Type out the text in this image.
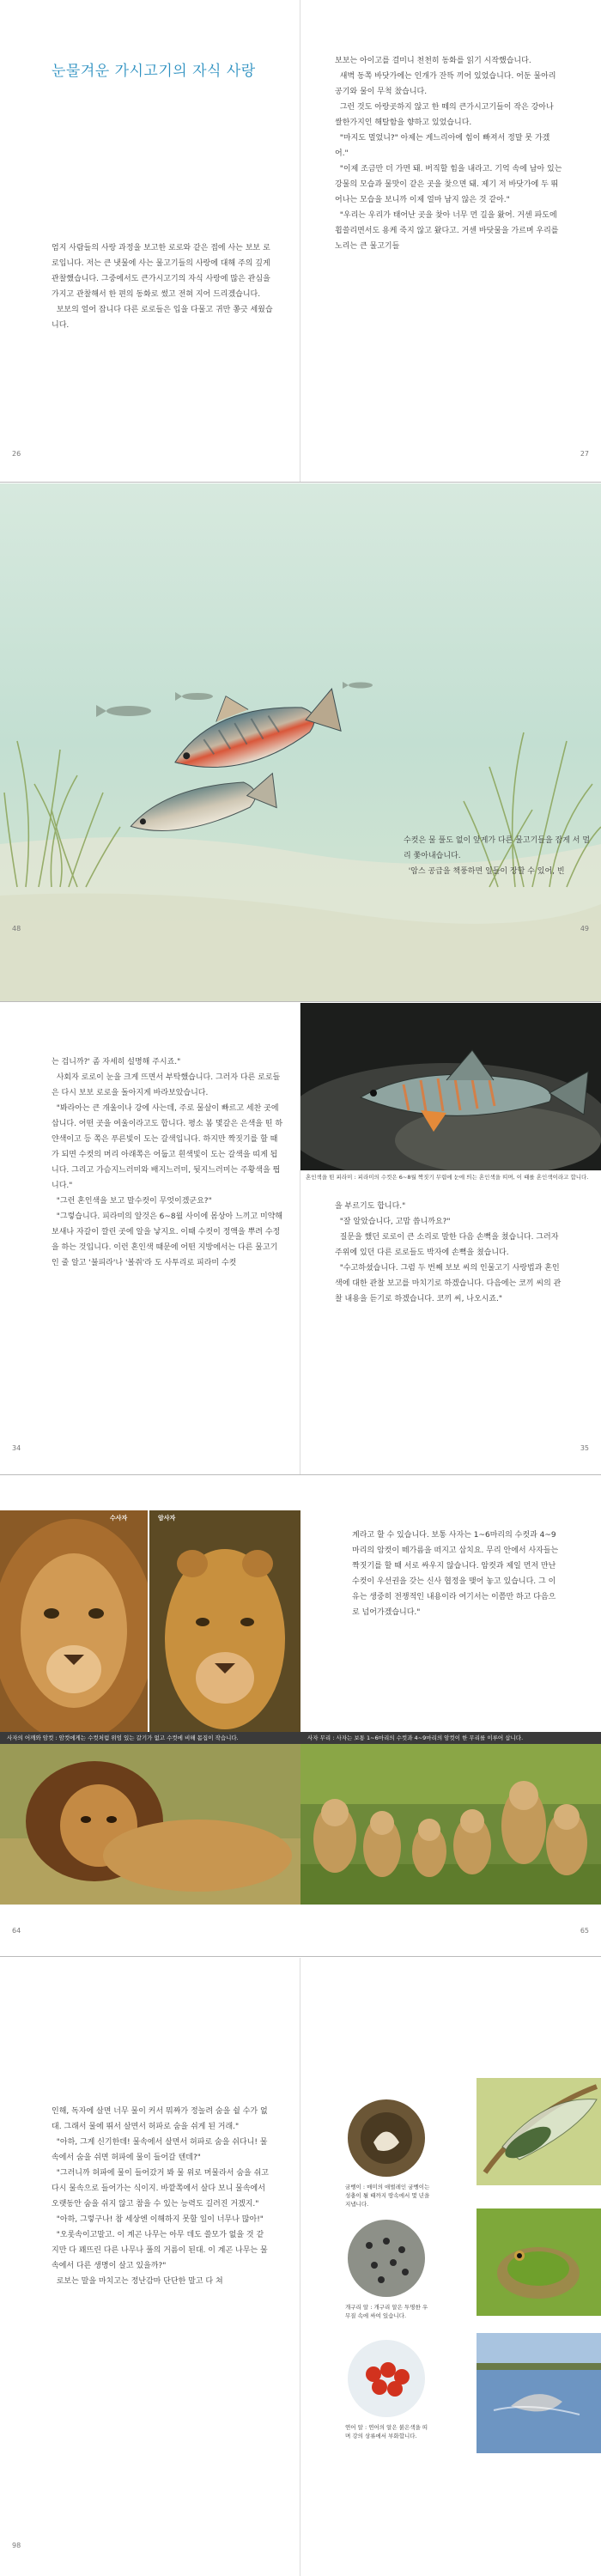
눈물겨운 가시고기의 자식 사랑
엄지 사람들의 사랑 과정을 보고한 로로와 같은 접에 사는 보보 로로입니다. 저는 큰 냇물에 사는 물고기들의 사랑에 대해 주의 깊게 관찰했습니다. 그중에서도 큰가시고기의 자식 사랑에 많은 관심을 가지고 관찰해서 한 편의 동화로 썼고 전혀 지어 드리겠습니다.
보보의 얼어 잡니다 다른 로로들은 입을 다물고 귀만 쫑긋 세웠습니다.
26
보보는 아이고를 걸미니 천천히 동화를 읽기 시작했습니다.
새벽 동쪽 바닷가에는 인개가 잔뜩 끼어 있었습니다. 어둔 물아리 공기와 물이 무척 찼습니다.
그런 것도 아랑곳하지 않고 한 떼의 큰가시고기들이 작은 강아나 쌀한가지인 해탈함을 향하고 있었습니다.
"마지도 멀었니?" 아제는 게느리아에 힘이 빠져서 정말 못 가겠어."
"이제 조금만 더 가면 돼. 버직할 힘을 내라고. 기억 속에 남아 있는 강물의 모습과 물맛이 같은 곳을 찾으면 돼. 제기 저 바닷가에 두 뛰어나는 모습을 보니까 이제 얼마 남지 않은 것 같아."
"우리는 우리가 태어난 곳을 찾아 너무 먼 길을 왔어. 거센 파도에 휩쓸리면서도 용케 죽지 않고 왔다고. 거센 바닷물을 가르며 우리를 노리는 큰 물고기들
27
수컷은 물 풀도 없이 앞게가 다른 물고기들을 잡게 서 멀리 쫓아내습니다.
'암스 공급을 책풍하면 일들이 장할 수 있어, 빈
48	49
는 겁니까?' 좀 자세히 설명해 주시죠."
사회자 로로이 눈을 크게 뜨면서 부탁했습니다. 그러자 다른 로로들은 다시 보보 로로을 돌아지게 바라보았습니다.
"봐라아는 큰 개울이나 강에 사는데, 주로 물살이 빠르고 세찬 곳에 삽니다. 어떤 곳을 여울이라고도 합니다. 평소 봄 몇갈은 은색을 띤 하얀색이고 등 쪽은 푸른빛이 도는 갈색입니다. 하지만 짝짓기를 할 때가 되면 수컷의 머리 아래쪽은 어둡고 흰색빛이 도는 갈색을 띠게 됩니다. 그리고 가슴지느러미와 배지느러미, 뒷지느러미는 주황색을 띕니다."
"그런 혼인색을 보고 말수컷이 무엇이겠군요?"
"그렇습니다. 피라미의 알것은 6~8월 사이에 몸상아 느끼고 미약해 보새나 자갈이 깔린 곳에 알을 낳지요. 이때 수컷이 정액을 뿌려 수정을 하는 것입니다. 이런 혼인색 때문에 어떤 지방에서는 다른 물고기인 줄 알고 '불피라'나 '볼쥐'라 도 사투리로 피라미 수컷
34
혼인색을 띤 피라미 : 피라미의 수컷은 6~8월 짝짓기 무렵에 눈에 띄는 혼인색을 띠며, 이 때를 혼인색이라고 합니다.
을 부르기도 합니다."
"잘 알았습니다, 고맙 씁니까요?"
질문을 했던 로로이 큰 소리로 말한 다음 손뼉을 쳤습니다. 그러자 주위에 있던 다른 로로들도 박자에 손뼉을 쳤습니다.
"수고하셨습니다. 그럼 두 번째 보보 씨의 인물고기 사랑법과 혼인색에 대한 관찰 보고를 마치기로 하겠습니다. 다음에는 코끼 씨의 관찰 내용을 듣기로 하겠습니다. 코끼 씨, 나오시죠."
35
수사자	암사자
사자의 어깨와 암컷 : 암컷에게는 수컷처럼 위엄 있는 갈기가 없고 수컷에 비해 몸집이 작습니다.
64
계라고 할 수 있습니다. 보통 사자는 1~6마리의 수컷과 4~9마리의 암컷이 떼가름을 떠지고 삽치요. 무리 안에서 사자들는 짝짓기를 할 때 서로 싸우지 않습니다. 암컷과 제일 먼저 만난 수컷이 우선권을 갖는 신사 협정을 맺어 놓고 있습니다. 그 이유는 생중히 전쟁적인 내용이라 여기서는 이쯤만 하고 다음으로 넘어가겠습니다."
사자 무리 : 사자는 보통 1~6마리의 수컷과 4~9마리의 암컷이 한 무리를 이루어 삽니다.
65
인해, 독자에 살면 너무 물이 커서 뭐짜가 정놀려 숨을 쉴 수가 없대. 그래서 물에 뛰서 살면서 허파로 숨을 쉬게 된 거래."
"아하, 그게 신기한데! 물속에서 살면서 허파로 숨을 쉬다니! 물속에서 숨을 쉬면 허파에 물이 들어갈 텐데?"
"그러니까 허파에 물이 들어갔거 봐 물 위로 머물라서 숨을 쉬고 다시 물속으로 들어가는 식이지. 바깥쪽에서 살다 보니 물속에서 오랫동안 숨을 쉬지 않고 참을 수 있는 능력도 길러진 거겠지."
"아하, 그렇구나! 참 세상엔 이해하지 못할 일이 너무나 많아!"
"오롯속이고말고. 이 계곤 나무는 아무 데도 쓸모가 없을 것 같지만 다 꽤뜨린 다른 나무나 풀의 거름이 된대. 이 계곤 나무는 물속에서 다른 생명이 살고 있을까?"
로보는 말을 마치고는 정난감마 단단한 말고 다 쳐
98
굼벵이 : 매미의 애벌레인 굼벵이는 성충이 될 때까지 땅속에서 몇 년을 지냅니다.
개구리 알 : 개구리 알은 투명한 우무질 속에 싸여 있습니다.
연어 알 : 연어의 알은 붉은색을 띠며 강의 상류에서 부화합니다.
